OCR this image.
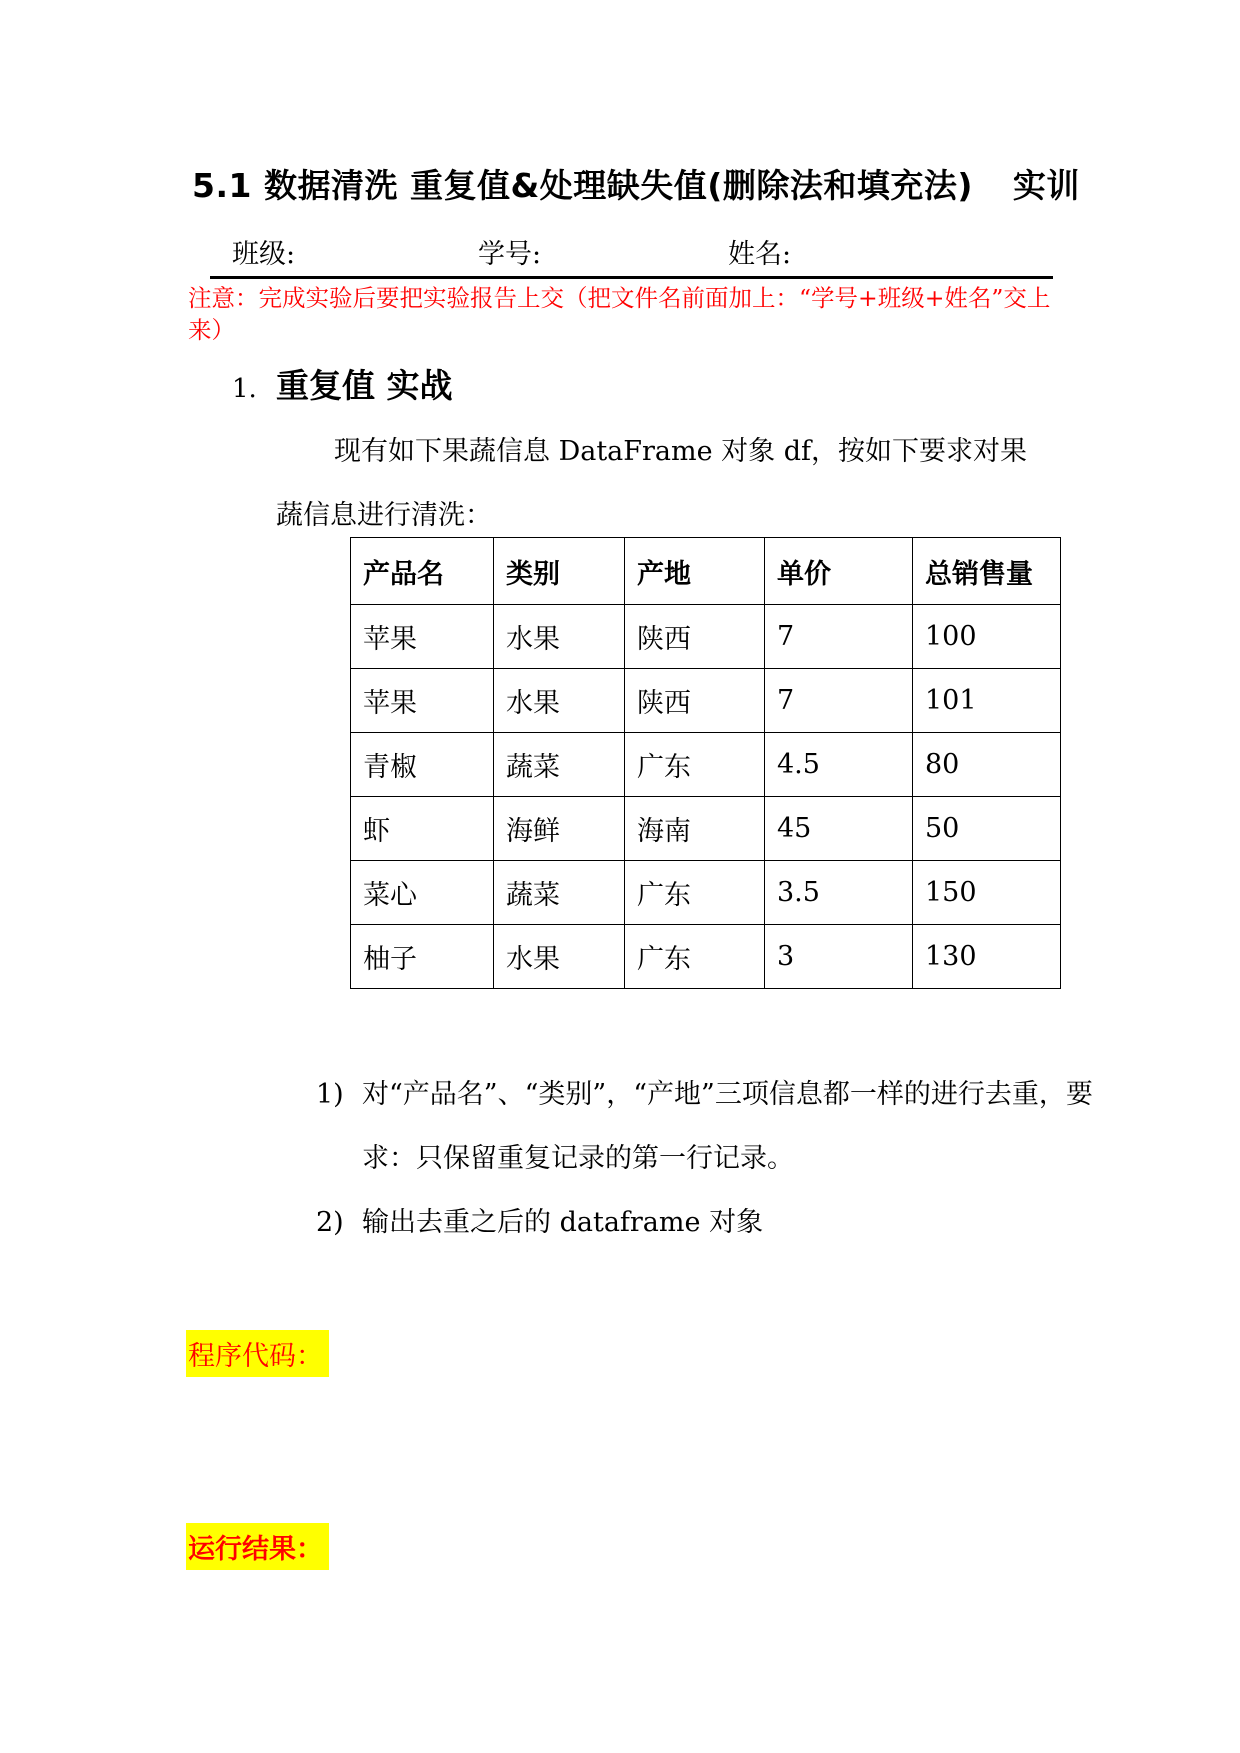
5.1 数据清洗 重复值&处理缺失值(删除法和填充法) 实训
班级:	学号:	姓名:
注意：完成实验后要把实验报告上交（把文件名前面加上：“学号+班级+姓名”交上来）
1. 重复值 实战

现有如下果蔬信息 DataFrame 对象 df，按如下要求对果

蔬信息进行清洗：

产品名	类别	产地	单价	总销售量
苹果	水果	陕西	7	100
苹果	水果	陕西	7	101
青椒	蔬菜	广东	4.5	80
虾	海鲜	海南	45	50
菜心	蔬菜	广东	3.5	150
柚子	水果	广东	3	130
1) 对“产品名”、“类别”，“产地”三项信息都一样的进行去重，要求：只保留重复记录的第一行记录。
2) 输出去重之后的 dataframe 对象
程序代码：
运行结果：
